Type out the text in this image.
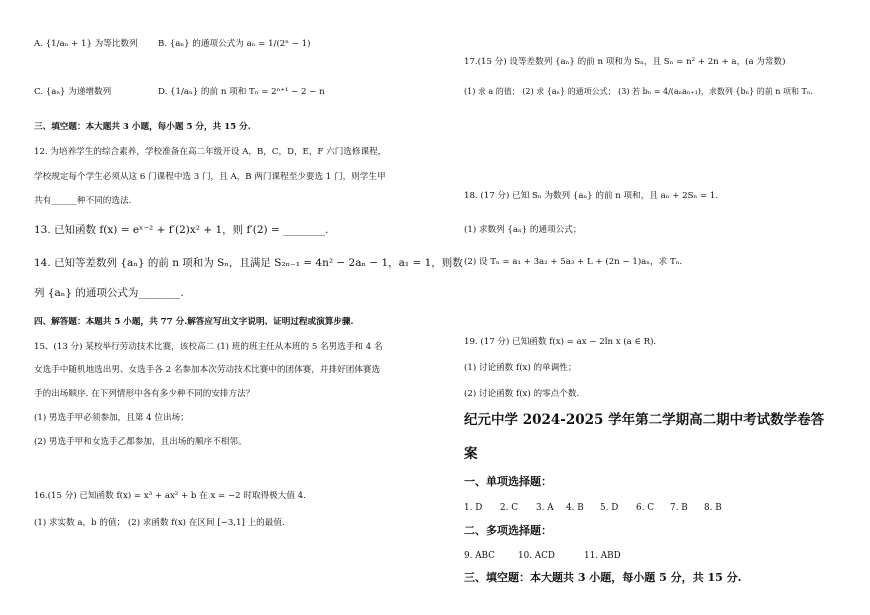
A. {1/aₙ + 1} 为等比数列 B. {aₙ} 的通项公式为 aₙ = 1/(2ⁿ − 1)
C. {aₙ} 为递增数列	D. {1/aₙ} 的前 n 项和 Tₙ = 2ⁿ⁺¹ − 2 − n
三、填空题：本大题共 3 小题，每小题 5 分，共 15 分.
12. 为培养学生的综合素养，学校准备在高二年级开设 A，B，C，D，E，F 六门选修课程，
学校规定每个学生必须从这 6 门课程中选 3 门，且 A，B 两门课程至少要选 1 门，则学生甲
共有______种不同的选法.
13. 已知函数 f(x) = eˣ⁻² + f′(2)x² + 1，则 f′(2) = ________.
14. 已知等差数列 {aₙ} 的前 n 项和为 Sₙ，且满足 S₂ₙ₋₁ = 4n² − 2aₙ − 1，a₁ = 1，则数
列 {aₙ} 的通项公式为________.
四、解答题：本题共 5 小题，共 77 分.解答应写出文字说明、证明过程或演算步骤.
15、(13 分) 某校举行劳动技术比赛，该校高二 (1) 班的班主任从本班的 5 名男选手和 4 名
女选手中随机地选出男、女选手各 2 名参加本次劳动技术比赛中的团体赛，并排好团体赛选
手的出场顺序. 在下列情形中各有多少种不同的安排方法？
(1) 男选手甲必须参加，且第 4 位出场；
(2) 男选手甲和女选手乙都参加，且出场的顺序不相邻。
16.(15 分) 已知函数 f(x) = x³ + ax² + b 在 x = −2 时取得极大值 4.
(1) 求实数 a，b 的值； (2) 求函数 f(x) 在区间 [−3,1] 上的最值.
17.(15 分) 设等差数列 {aₙ} 的前 n 项和为 Sₙ，且 Sₙ = n² + 2n + a，(a 为常数)
(1) 求 a 的值； (2) 求 {aₙ} 的通项公式； (3) 若 bₙ = 4/(aₙaₙ₊₁)，求数列 {bₙ} 的前 n 项和 Tₙ.
18. (17 分) 已知 Sₙ 为数列 {aₙ} 的前 n 项和，且 aₙ + 2Sₙ = 1.
(1) 求数列 {aₙ} 的通项公式；
(2) 设 Tₙ = a₁ + 3a₂ + 5a₃ + L + (2n − 1)aₙ，求 Tₙ.
19. (17 分) 已知函数 f(x) = ax − 2ln x (a ∈ R).
(1) 讨论函数 f(x) 的单调性；
(2) 讨论函数 f(x) 的零点个数.
纪元中学 2024-2025 学年第二学期高二期中考试数学卷答
案
一、单项选择题：
1. D 2. C 3. A 4. B 5. D 6. C 7. B 8. B
二、多项选择题：
9. ABC	10. ACD	11. ABD
三、填空题：本大题共 3 小题，每小题 5 分，共 15 分.
